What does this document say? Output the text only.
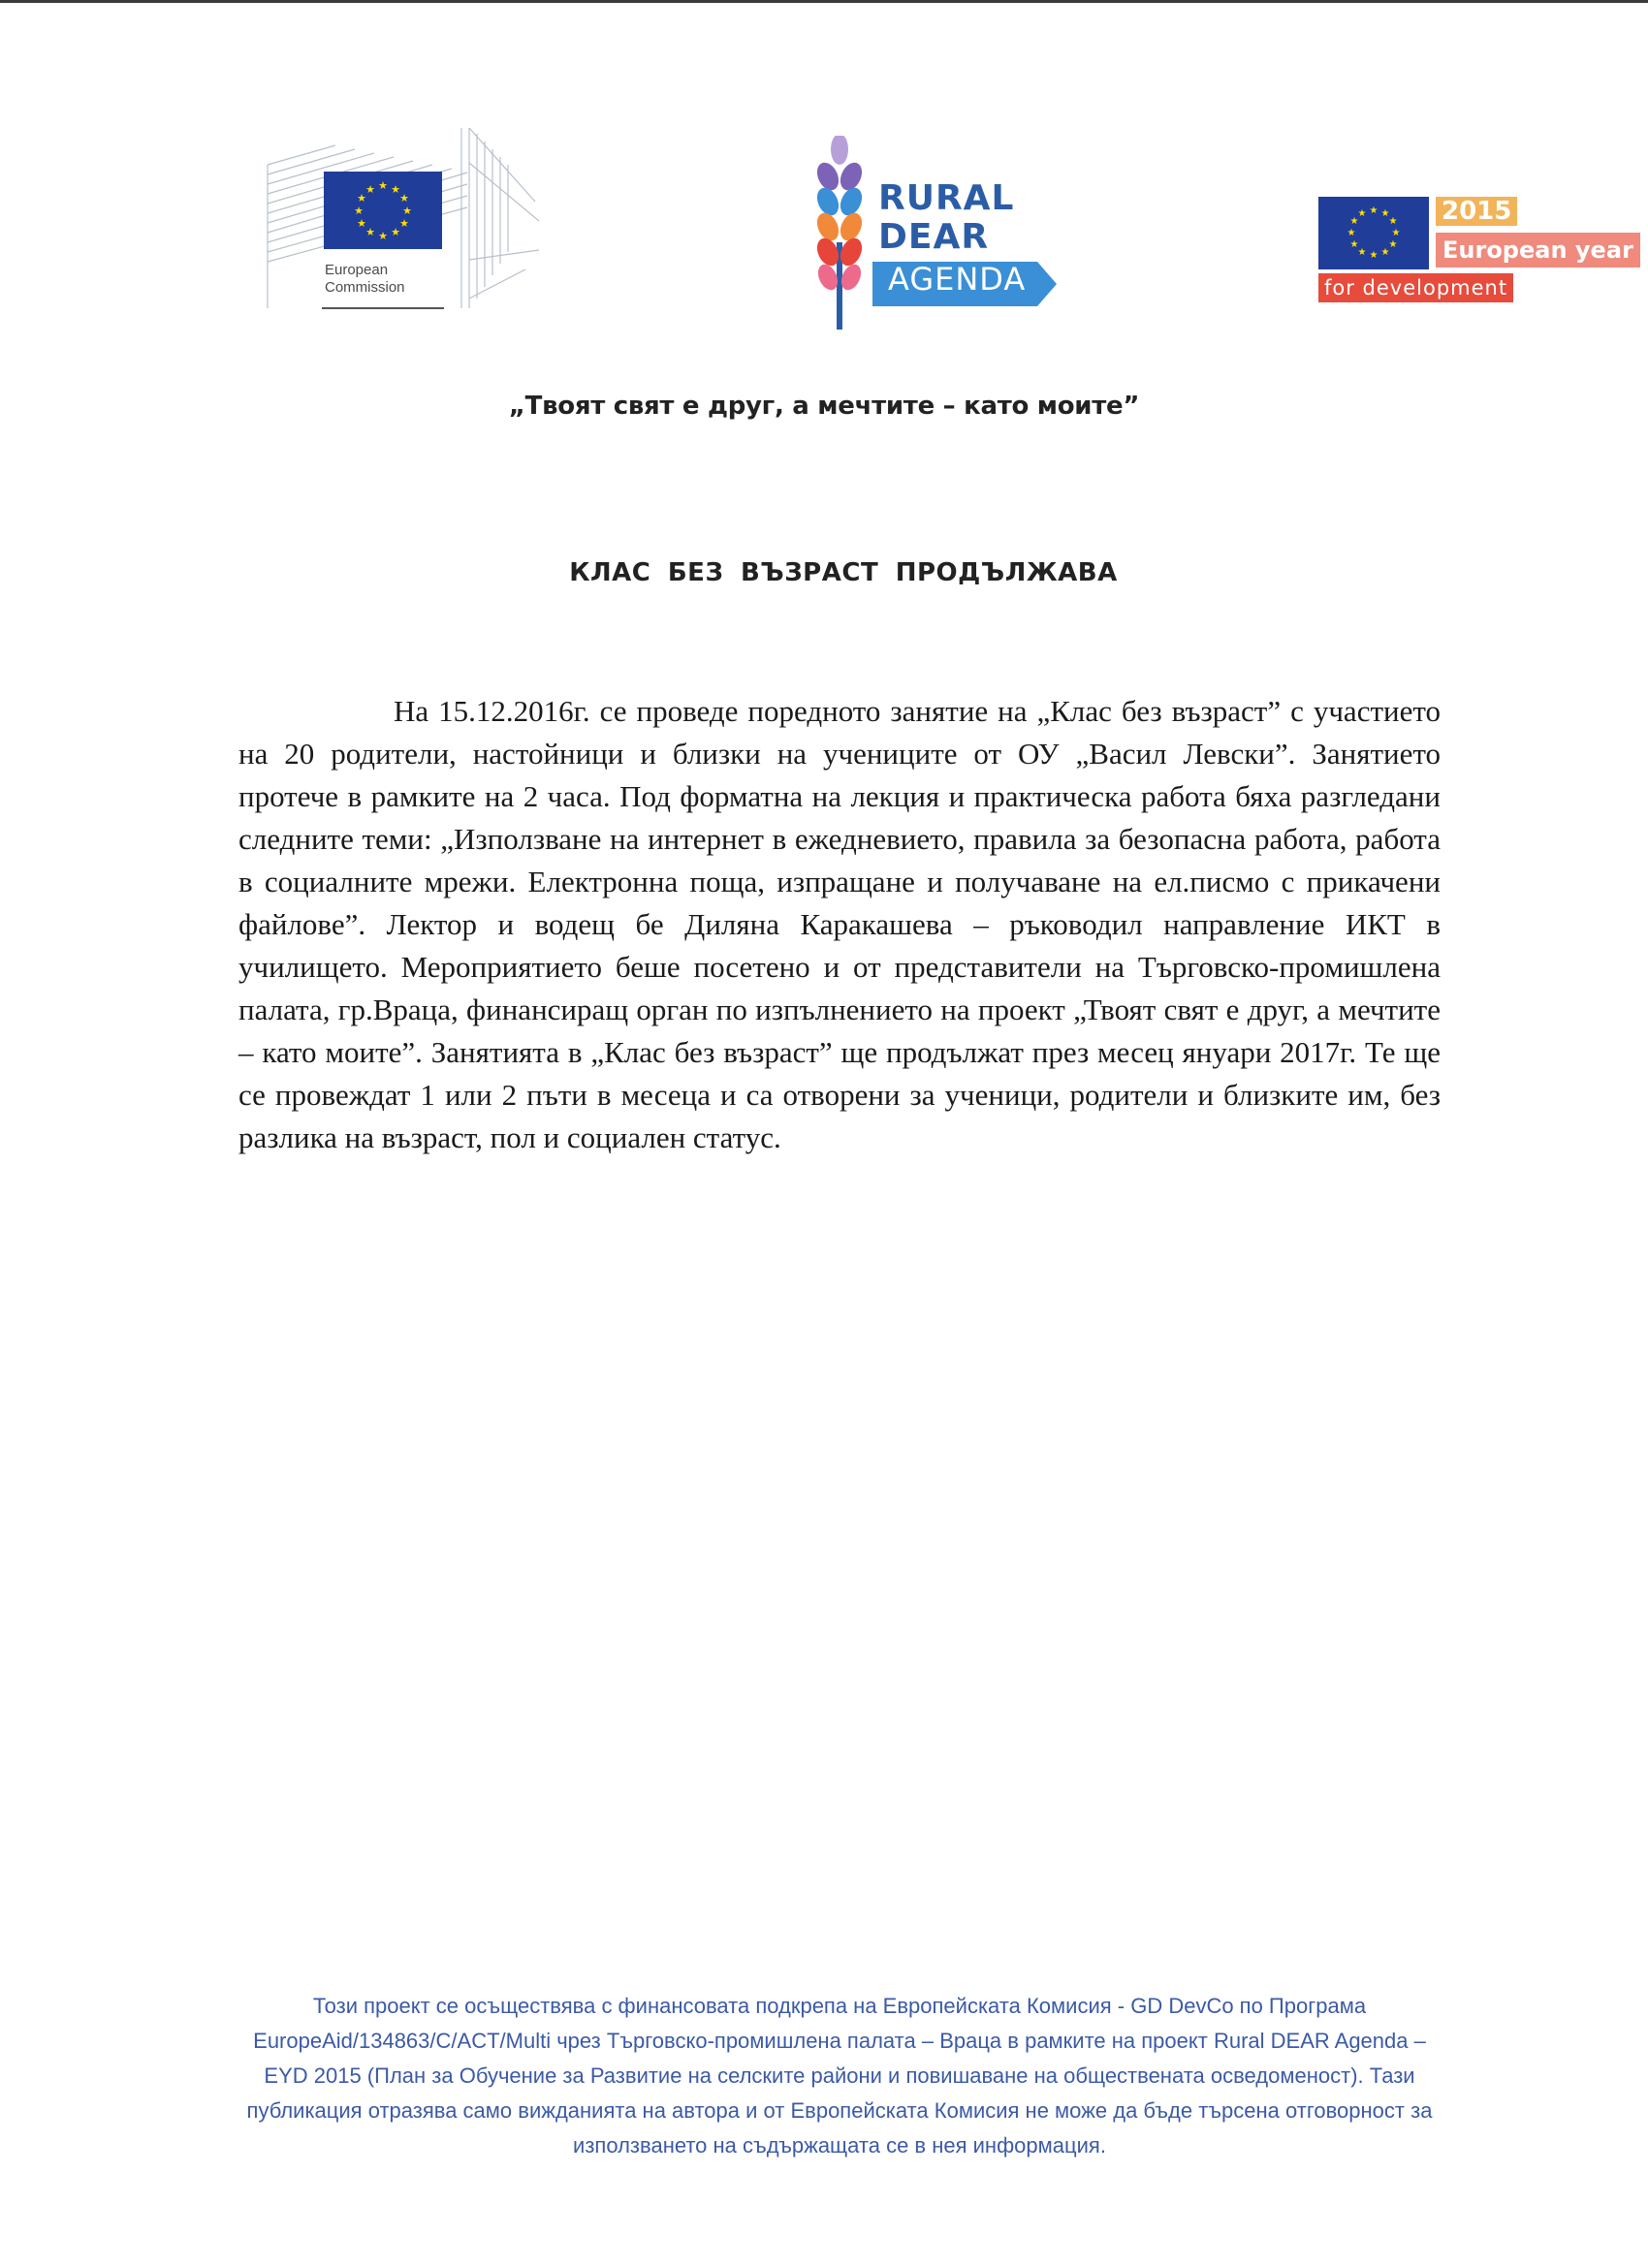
★ ★
★
★
★
★
★
★
★
★
★
★
European
Commission
RURAL
DEAR
AGENDA
★ ★
★
★
★
★
★
★
★
★
★
★	2015
European year
for development
„Твоят свят е друг, а мечтите – като моите”
КЛАС БЕЗ ВЪЗРАСТ ПРОДЪЛЖАВА
На 15.12.2016г. се проведе поредното занятие на „Клас без възраст” с участието на 20 родители, настойници и близки на учениците от ОУ „Васил Левски”. Занятието протече в рамките на 2 часа. Под форматна на лекция и практическа работа бяха разгледани следните теми: „Използване на интернет в ежедневието, правила за безопасна работа, работа в социалните мрежи. Електронна поща, изпращане и получаване на ел.писмо с прикачени файлове”. Лектор и водещ бе Диляна Каракашева – ръководил направление ИКТ в училището. Мероприятието беше посетено и от представители на Търговско-промишлена палата, гр.Враца, финансиращ орган по изпълнението на проект „Твоят свят е друг, а мечтите – като моите”. Занятията в „Клас без възраст” ще продължат през месец януари 2017г. Те ще се провеждат 1 или 2 пъти в месеца и са отворени за ученици, родители и близките им, без разлика на възраст, пол и социален статус.
Този проект се осъществява с финансовата подкрепа на Европейската Комисия - GD DevCo по Програма EuropeAid/134863/C/ACT/Multi чрез Търговско-промишлена палата – Враца в рамките на проект Rural DEAR Agenda – EYD 2015 (План за Обучение за Развитие на селските райони и повишаване на обществената осведоменост). Тази публикация отразява само вижданията на автора и от Европейската Комисия не може да бъде търсена отговорност за използването на съдържащата се в нея информация.
